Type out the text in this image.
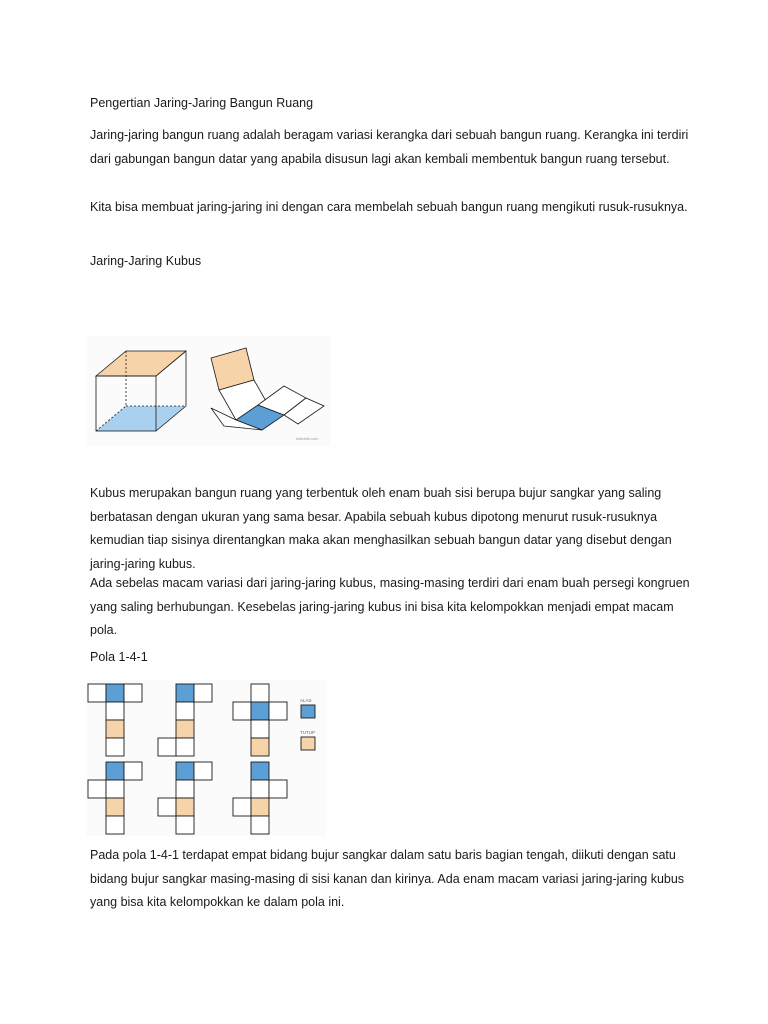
Pengertian Jaring-Jaring Bangun Ruang

Jaring-jaring bangun ruang adalah beragam variasi kerangka dari sebuah bangun ruang. Kerangka ini terdiri dari gabungan bangun datar yang apabila disusun lagi akan kembali membentuk bangun ruang tersebut.

Kita bisa membuat jaring-jaring ini dengan cara membelah sebuah bangun ruang mengikuti rusuk-rusuknya.

Jaring-Jaring Kubus

tolltobib.com

Kubus merupakan bangun ruang yang terbentuk oleh enam buah sisi berupa bujur sangkar yang saling berbatasan dengan ukuran yang sama besar. Apabila sebuah kubus dipotong menurut rusuk-rusuknya kemudian tiap sisinya direntangkan maka akan menghasilkan sebuah bangun datar yang disebut dengan jaring-jaring kubus.

Ada sebelas macam variasi dari jaring-jaring kubus, masing-masing terdiri dari enam buah persegi kongruen yang saling berhubungan. Kesebelas jaring-jaring kubus ini bisa kita kelompokkan menjadi empat macam pola.

Pola 1-4-1

ALAS
TUTUP

Pada pola 1-4-1 terdapat empat bidang bujur sangkar dalam satu baris bagian tengah, diikuti dengan satu bidang bujur sangkar masing-masing di sisi kanan dan kirinya. Ada enam macam variasi jaring-jaring kubus yang bisa kita kelompokkan ke dalam pola ini.
